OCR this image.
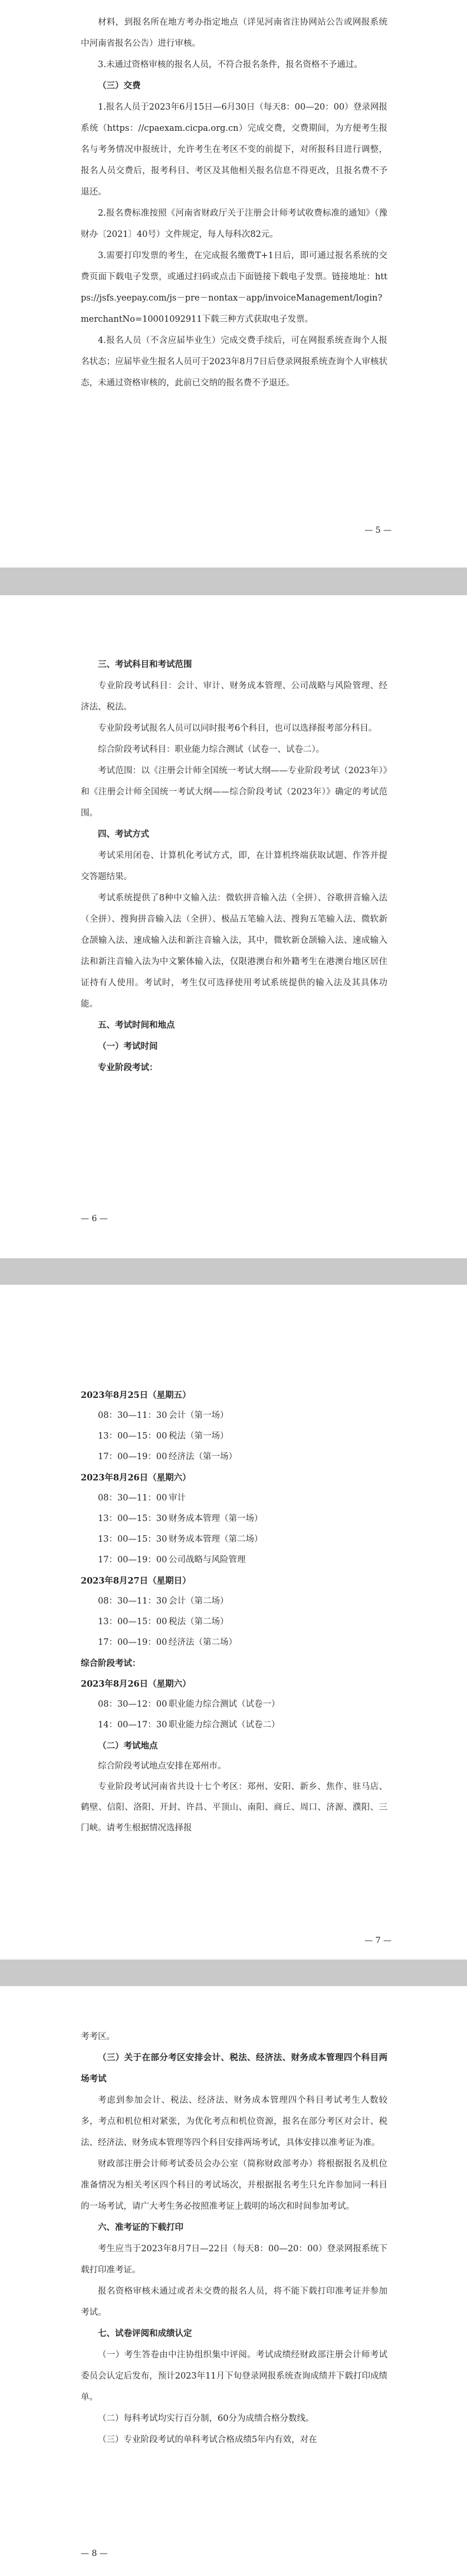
材料，到报名所在地方考办指定地点（详见河南省注协网站公告或网报系统中河南省报名公告）进行审核。

3.未通过资格审核的报名人员，不符合报名条件，报名资格不予通过。

（三）交费

1.报名人员于2023年6月15日—6月30日（每天8：00—20：00）登录网报系统（https：//cpaexam.cicpa.org.cn）完成交费，交费期间，为方便考生报名与考务情况申报统计，允许考生在考区不变的前提下，对所报科目进行调整，报名人员交费后，报考科目、考区及其他相关报名信息不得更改，且报名费不予退还。

2.报名费标准按照《河南省财政厅关于注册会计师考试收费标准的通知》（豫财办〔2021〕40号）文件规定，每人每科次82元。

3.需要打印发票的考生，在完成报名缴费T+1日后，即可通过报名系统的交费页面下载电子发票，或通过扫码或点击下面链接下载电子发票。链接地址：https://jsfs.yeepay.com/js－pre－nontax－app/invoiceManagement/login?merchantNo=10001092911下载三种方式获取电子发票。

4.报名人员（不含应届毕业生）完成交费手续后，可在网报系统查询个人报名状态；应届毕业生报名人员可于2023年8月7日后登录网报系统查询个人审核状态，未通过资格审核的，此前已交纳的报名费不予退还。

— 5 —

三、考试科目和考试范围

专业阶段考试科目：会计、审计、财务成本管理、公司战略与风险管理、经济法、税法。

专业阶段考试报名人员可以同时报考6个科目，也可以选择报考部分科目。

综合阶段考试科目：职业能力综合测试（试卷一、试卷二）。

考试范围：以《注册会计师全国统一考试大纲——专业阶段考试（2023年）》和《注册会计师全国统一考试大纲——综合阶段考试（2023年）》确定的考试范围。

四、考试方式

考试采用闭卷、计算机化考试方式，即，在计算机终端获取试题、作答并提交答题结果。

考试系统提供了8种中文输入法：微软拼音输入法（全拼）、谷歌拼音输入法（全拼）、搜狗拼音输入法（全拼）、极品五笔输入法、搜狗五笔输入法、微软新仓颉输入法、速成输入法和新注音输入法，其中，微软新仓颉输入法、速成输入法和新注音输入法为中文繁体输入法，仅限港澳台和外籍考生在港澳台地区居住证持有人使用。考试时，考生仅可选择使用考试系统提供的输入法及其具体功能。

五、考试时间和地点

（一）考试时间

专业阶段考试：

— 6 —

2023年8月25日（星期五）

08：30—11：30 会计（第一场）
13：00—15：00 税法（第一场）
17：00—19：00 经济法（第一场）

2023年8月26日（星期六）

08：30—11：00 审计
13：00—15：30 财务成本管理（第一场）
13：00—15：30 财务成本管理（第二场）
17：00—19：00 公司战略与风险管理

2023年8月27日（星期日）

08：30—11：30 会计（第二场）
13：00—15：00 税法（第二场）
17：00—19：00 经济法（第二场）

综合阶段考试：

2023年8月26日（星期六）

08：30—12：00 职业能力综合测试（试卷一）
14：00—17：30 职业能力综合测试（试卷二）

（二）考试地点

综合阶段考试地点安排在郑州市。

专业阶段考试河南省共设十七个考区：郑州、安阳、新乡、焦作、驻马店、鹤壁、信阳、洛阳、开封、许昌、平顶山、南阳、商丘、周口、济源、濮阳、三门峡。请考生根据情况选择报

— 7 —

考考区。

（三）关于在部分考区安排会计、税法、经济法、财务成本管理四个科目两场考试

考虑到参加会计、税法、经济法、财务成本管理四个科目考试考生人数较多，考点和机位相对紧张，为优化考点和机位资源，报名在部分考区对会计、税法、经济法、财务成本管理等四个科目安排两场考试，具体安排以准考证为准。

财政部注册会计师考试委员会办公室（简称财政部考办）将根据报名及机位准备情况为相关考区四个科目的考试场次，并根据报名考生只允许参加同一科目的一场考试，请广大考生务必按照准考证上载明的场次和时间参加考试。

六、准考证的下载打印

考生应当于2023年8月7日—22日（每天8：00—20：00）登录网报系统下载打印准考证。

报名资格审核未通过或者未交费的报名人员，将不能下载打印准考证并参加考试。

七、试卷评阅和成绩认定

（一）考生答卷由中注协组织集中评阅。考试成绩经财政部注册会计师考试委员会认定后发布，预计2023年11月下旬登录网报系统查询成绩并下载打印成绩单。

（二）每科考试均实行百分制，60分为成绩合格分数线。

（三）专业阶段考试的单科考试合格成绩5年内有效，对在

— 8 —
